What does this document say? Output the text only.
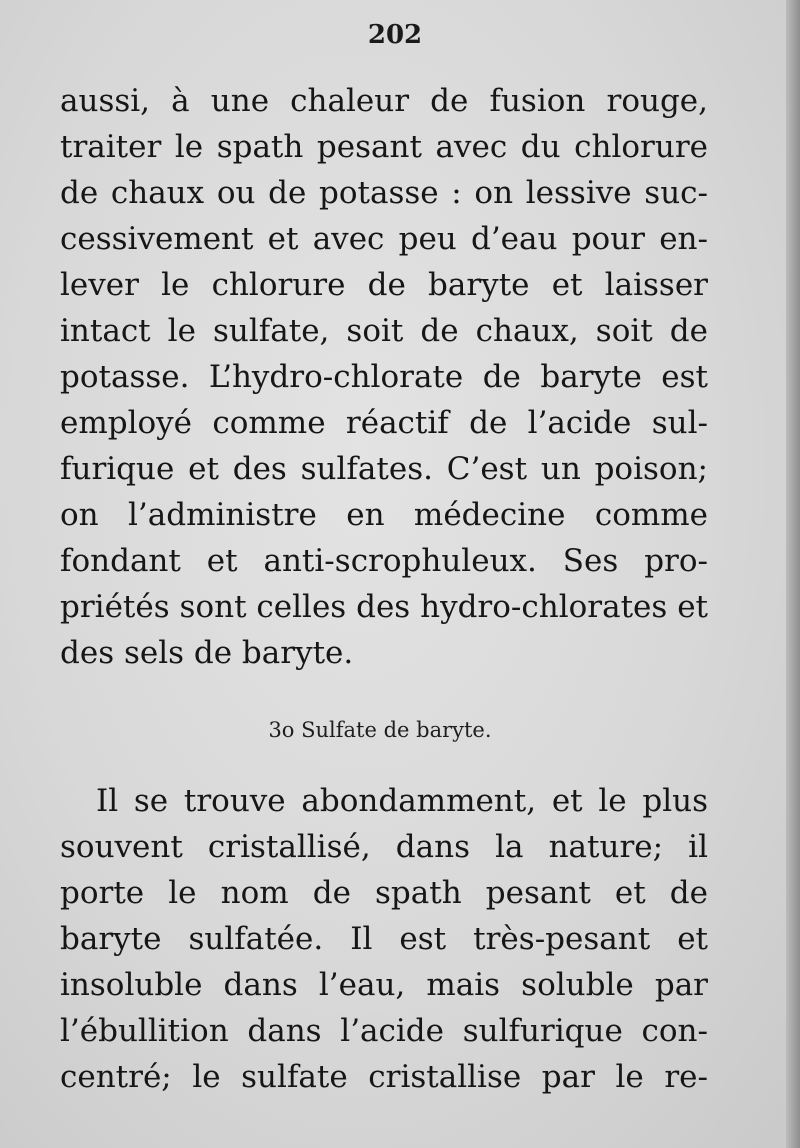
202
aussi, à une chaleur de fusion rouge,
traiter le spath pesant avec du chlorure
de chaux ou de potasse : on lessive suc-
cessivement et avec peu d’eau pour en-
lever le chlorure de baryte et laisser
intact le sulfate, soit de chaux, soit de
potasse. L’hydro-chlorate de baryte est
employé comme réactif de l’acide sul-
furique et des sulfates. C’est un poison;
on l’administre en médecine comme
fondant et anti-scrophuleux. Ses pro-
priétés sont celles des hydro-chlorates et
des sels de baryte.
3o Sulfate de baryte.
Il se trouve abondamment, et le plus
souvent cristallisé, dans la nature; il
porte le nom de spath pesant et de
baryte sulfatée. Il est très-pesant et
insoluble dans l’eau, mais soluble par
l’ébullition dans l’acide sulfurique con-
centré; le sulfate cristallise par le re-
